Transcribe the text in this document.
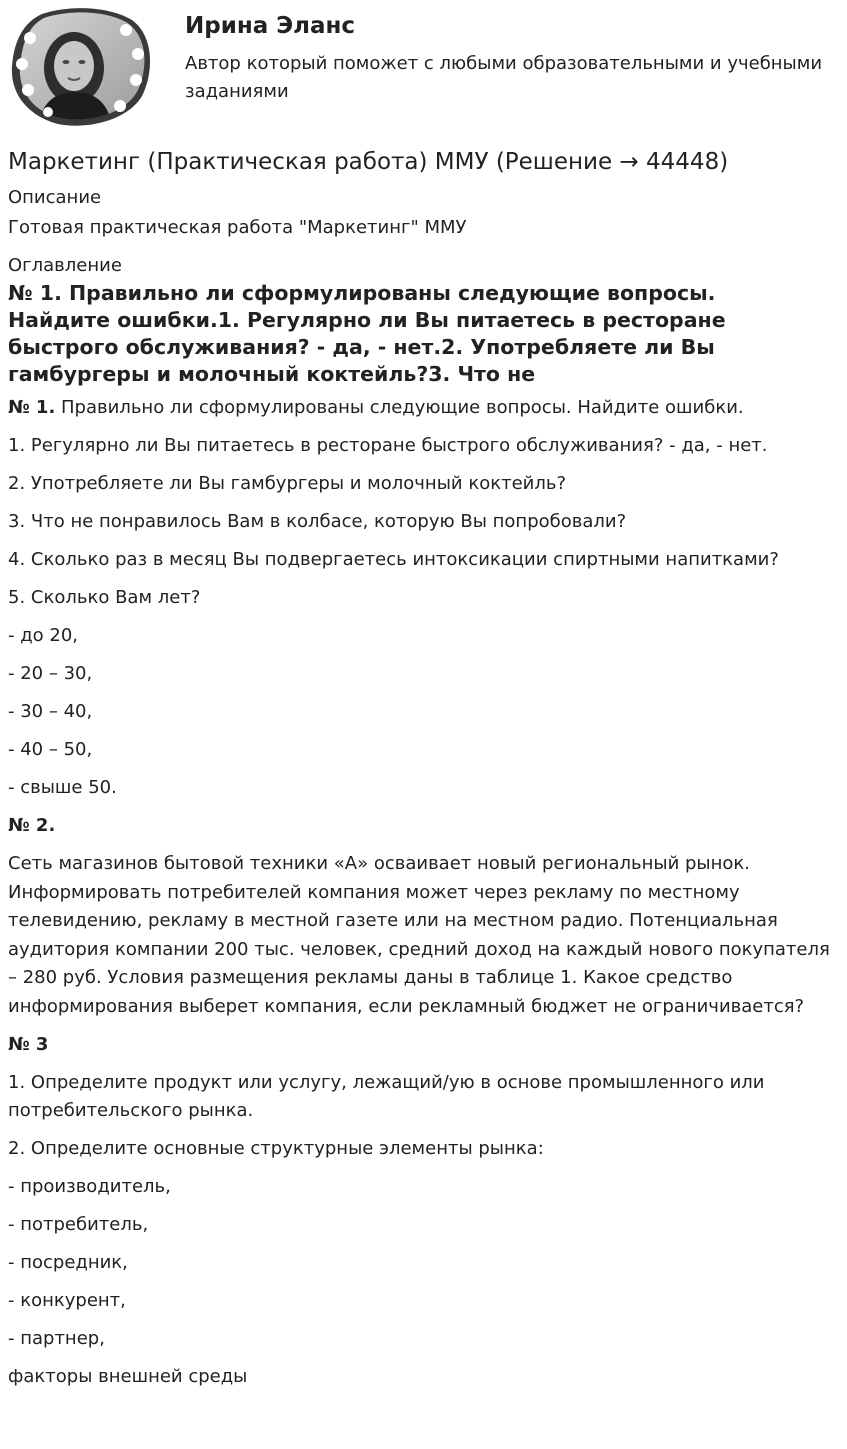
Ирина Эланс
Автор который поможет с любыми образовательными и учебными заданиями
Маркетинг (Практическая работа) ММУ (Решение → 44448)
Описание
Готовая практическая работа "Маркетинг" ММУ
Оглавление
№ 1. Правильно ли сформулированы следующие вопросы. Найдите ошибки.1. Регулярно ли Вы питаетесь в ресторане быстрого обслуживания? - да, - нет.2. Употребляете ли Вы гамбургеры и молочный коктейль?3. Что не

№ 1. Правильно ли сформулированы следующие вопросы. Найдите ошибки.

1. Регулярно ли Вы питаетесь в ресторане быстрого обслуживания? - да, - нет.

2. Употребляете ли Вы гамбургеры и молочный коктейль?

3. Что не понравилось Вам в колбасе, которую Вы попробовали?

4. Сколько раз в месяц Вы подвергаетесь интоксикации спиртными напитками?

5. Сколько Вам лет?

- до 20,

- 20 – 30,

- 30 – 40,

- 40 – 50,

- свыше 50.

№ 2.

Сеть магазинов бытовой техники «А» осваивает новый региональный рынок. Информировать потребителей компания может через рекламу по местному телевидению, рекламу в местной газете или на местном радио. Потенциальная аудитория компании 200 тыс. человек, средний доход на каждый нового покупателя – 280 руб. Условия размещения рекламы даны в таблице 1. Какое средство информирования выберет компания, если рекламный бюджет не ограничивается?

№ 3

1. Определите продукт или услугу, лежащий/ую в основе промышленного или потребительского рынка.

2. Определите основные структурные элементы рынка:

- производитель,

- потребитель,

- посредник,

- конкурент,

- партнер,

факторы внешней среды
